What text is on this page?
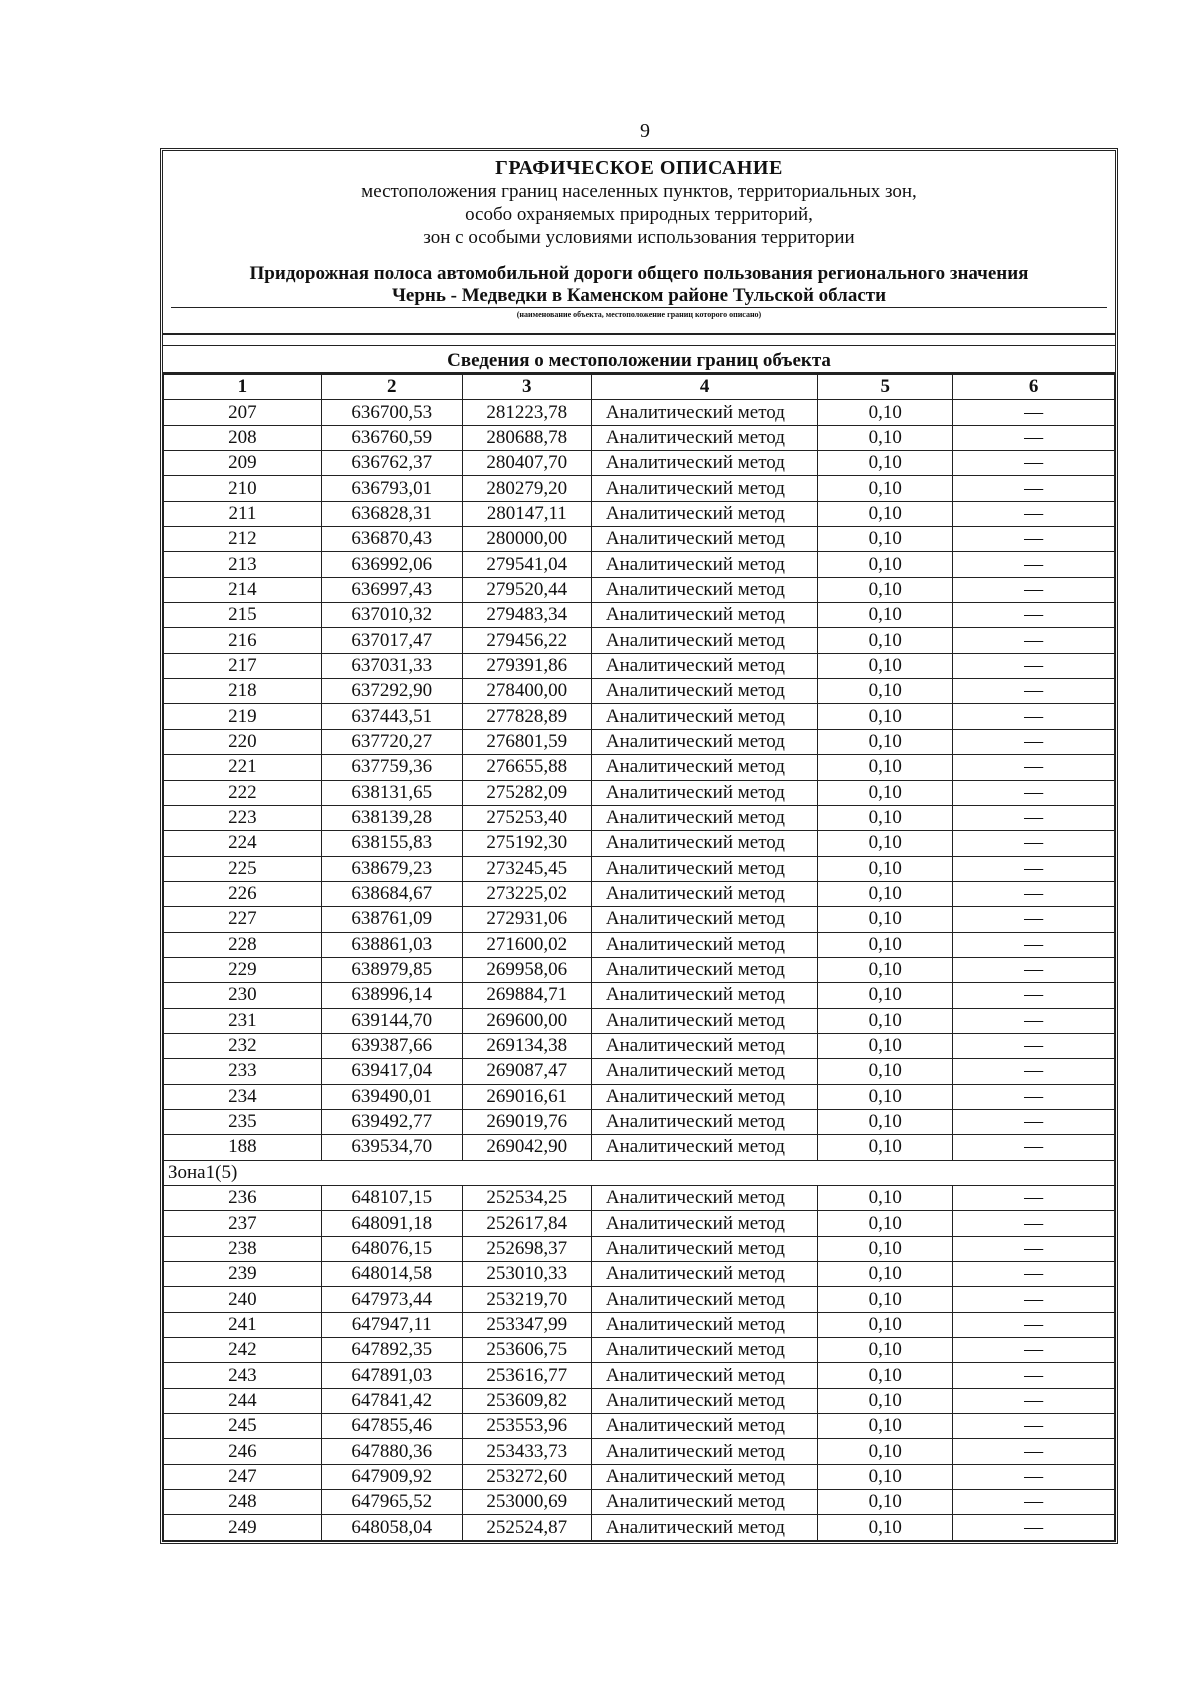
9
ГРАФИЧЕСКОЕ ОПИСАНИЕ
местоположения границ населенных пунктов, территориальных зон,
особо охраняемых природных территорий,
зон с особыми условиями использования территории
Придорожная полоса автомобильной дороги общего пользования регионального значения
Чернь - Медведки в Каменском районе Тульской области
(наименование объекта, местоположение границ которого описано)
Сведения о местоположении границ объекта
1	2	3	4	5	6
207	636700,53	281223,78	Аналитический метод	0,10	—
208	636760,59	280688,78	Аналитический метод	0,10	—
209	636762,37	280407,70	Аналитический метод	0,10	—
210	636793,01	280279,20	Аналитический метод	0,10	—
211	636828,31	280147,11	Аналитический метод	0,10	—
212	636870,43	280000,00	Аналитический метод	0,10	—
213	636992,06	279541,04	Аналитический метод	0,10	—
214	636997,43	279520,44	Аналитический метод	0,10	—
215	637010,32	279483,34	Аналитический метод	0,10	—
216	637017,47	279456,22	Аналитический метод	0,10	—
217	637031,33	279391,86	Аналитический метод	0,10	—
218	637292,90	278400,00	Аналитический метод	0,10	—
219	637443,51	277828,89	Аналитический метод	0,10	—
220	637720,27	276801,59	Аналитический метод	0,10	—
221	637759,36	276655,88	Аналитический метод	0,10	—
222	638131,65	275282,09	Аналитический метод	0,10	—
223	638139,28	275253,40	Аналитический метод	0,10	—
224	638155,83	275192,30	Аналитический метод	0,10	—
225	638679,23	273245,45	Аналитический метод	0,10	—
226	638684,67	273225,02	Аналитический метод	0,10	—
227	638761,09	272931,06	Аналитический метод	0,10	—
228	638861,03	271600,02	Аналитический метод	0,10	—
229	638979,85	269958,06	Аналитический метод	0,10	—
230	638996,14	269884,71	Аналитический метод	0,10	—
231	639144,70	269600,00	Аналитический метод	0,10	—
232	639387,66	269134,38	Аналитический метод	0,10	—
233	639417,04	269087,47	Аналитический метод	0,10	—
234	639490,01	269016,61	Аналитический метод	0,10	—
235	639492,77	269019,76	Аналитический метод	0,10	—
188	639534,70	269042,90	Аналитический метод	0,10	—
Зона1(5)					
236	648107,15	252534,25	Аналитический метод	0,10	—
237	648091,18	252617,84	Аналитический метод	0,10	—
238	648076,15	252698,37	Аналитический метод	0,10	—
239	648014,58	253010,33	Аналитический метод	0,10	—
240	647973,44	253219,70	Аналитический метод	0,10	—
241	647947,11	253347,99	Аналитический метод	0,10	—
242	647892,35	253606,75	Аналитический метод	0,10	—
243	647891,03	253616,77	Аналитический метод	0,10	—
244	647841,42	253609,82	Аналитический метод	0,10	—
245	647855,46	253553,96	Аналитический метод	0,10	—
246	647880,36	253433,73	Аналитический метод	0,10	—
247	647909,92	253272,60	Аналитический метод	0,10	—
248	647965,52	253000,69	Аналитический метод	0,10	—
249	648058,04	252524,87	Аналитический метод	0,10	—
